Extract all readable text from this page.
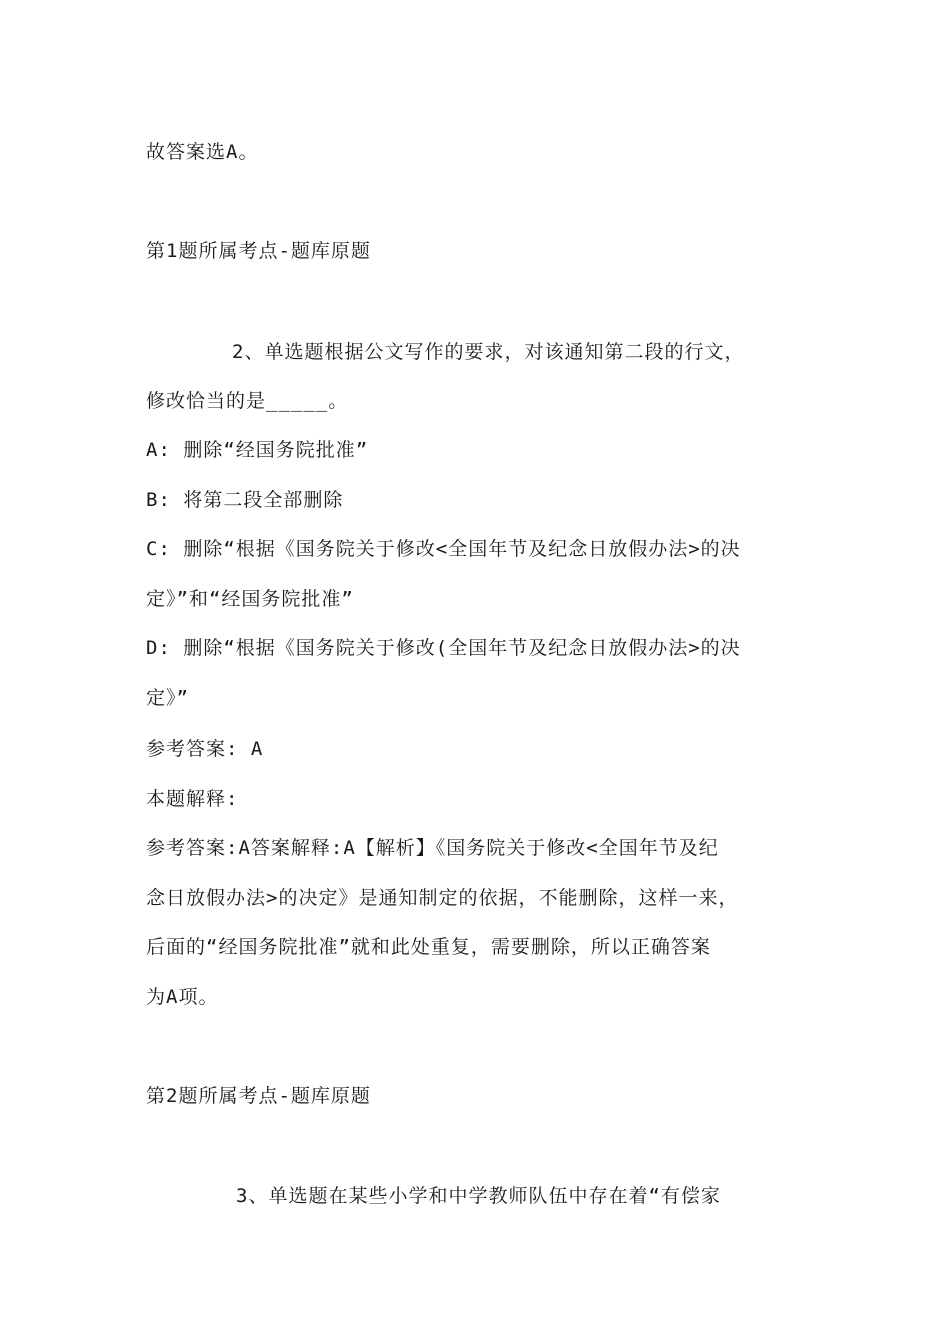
故答案选A。
第1题所属考点-题库原题
2、单选题根据公文写作的要求，对该通知第二段的行文，
修改恰当的是_____。
A: 删除“经国务院批准”
B: 将第二段全部删除
C: 删除“根据《国务院关于修改<全国年节及纪念日放假办法>的决
定》”和“经国务院批准”
D: 删除“根据《国务院关于修改(全国年节及纪念日放假办法>的决
定》”
参考答案: A
本题解释:
参考答案:A答案解释:A【解析】《国务院关于修改<全国年节及纪
念日放假办法>的决定》是通知制定的依据，不能删除，这样一来，
后面的“经国务院批准”就和此处重复，需要删除，所以正确答案
为A项。
第2题所属考点-题库原题
3、单选题在某些小学和中学教师队伍中存在着“有偿家
